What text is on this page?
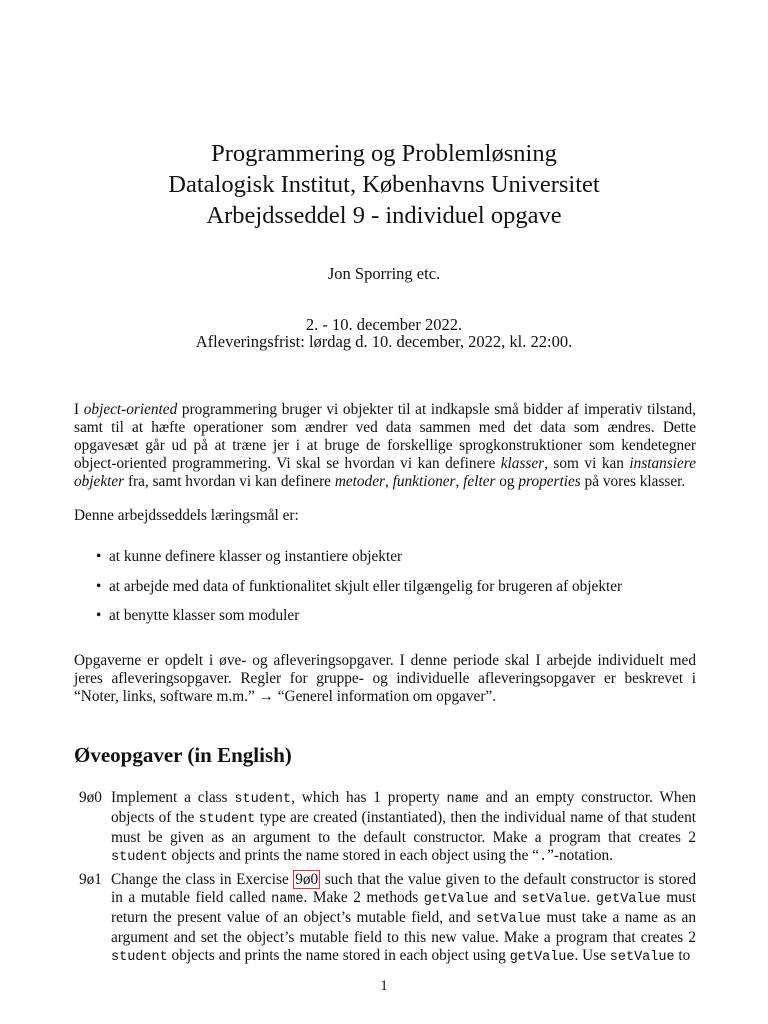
Programmering og Problemløsning

Datalogisk Institut, Københavns Universitet

Arbejdsseddel 9 - individuel opgave

Jon Sporring etc.
2. - 10. december 2022.
Afleveringsfrist: lørdag d. 10. december, 2022, kl. 22:00.
I object-oriented programmering bruger vi objekter til at indkapsle små bidder af imperativ tilstand, samt til at hæfte operationer som ændrer ved data sammen med det data som ændres. Dette opgavesæt går ud på at træne jer i at bruge de forskellige sprogkonstruktioner som kendetegner object-oriented programmering. Vi skal se hvordan vi kan definere klasser, som vi kan instansiere objekter fra, samt hvordan vi kan definere metoder, funktioner, felter og properties på vores klasser.
Denne arbejdsseddels læringsmål er:
• at kunne definere klasser og instantiere objekter
• at arbejde med data of funktionalitet skjult eller tilgængelig for brugeren af objekter
• at benytte klasser som moduler
Opgaverne er opdelt i øve- og afleveringsopgaver. I denne periode skal I arbejde individuelt med jeres afleveringsopgaver. Regler for gruppe- og individuelle afleveringsopgaver er beskrevet i “Noter, links, software m.m.” → “Generel information om opgaver”.
Øveopgaver (in English)
9ø0 Implement a class student, which has 1 property name and an empty constructor. When objects of the student type are created (instantiated), then the individual name of that student must be given as an argument to the default constructor. Make a program that creates 2 student objects and prints the name stored in each object using the “.”-notation.
9ø1 Change the class in Exercise 9ø0 such that the value given to the default constructor is stored in a mutable field called name. Make 2 methods getValue and setValue. getValue must return the present value of an object’s mutable field, and setValue must take a name as an argument and set the object’s mutable field to this new value. Make a program that creates 2 student objects and prints the name stored in each object using getValue. Use setValue to
1
